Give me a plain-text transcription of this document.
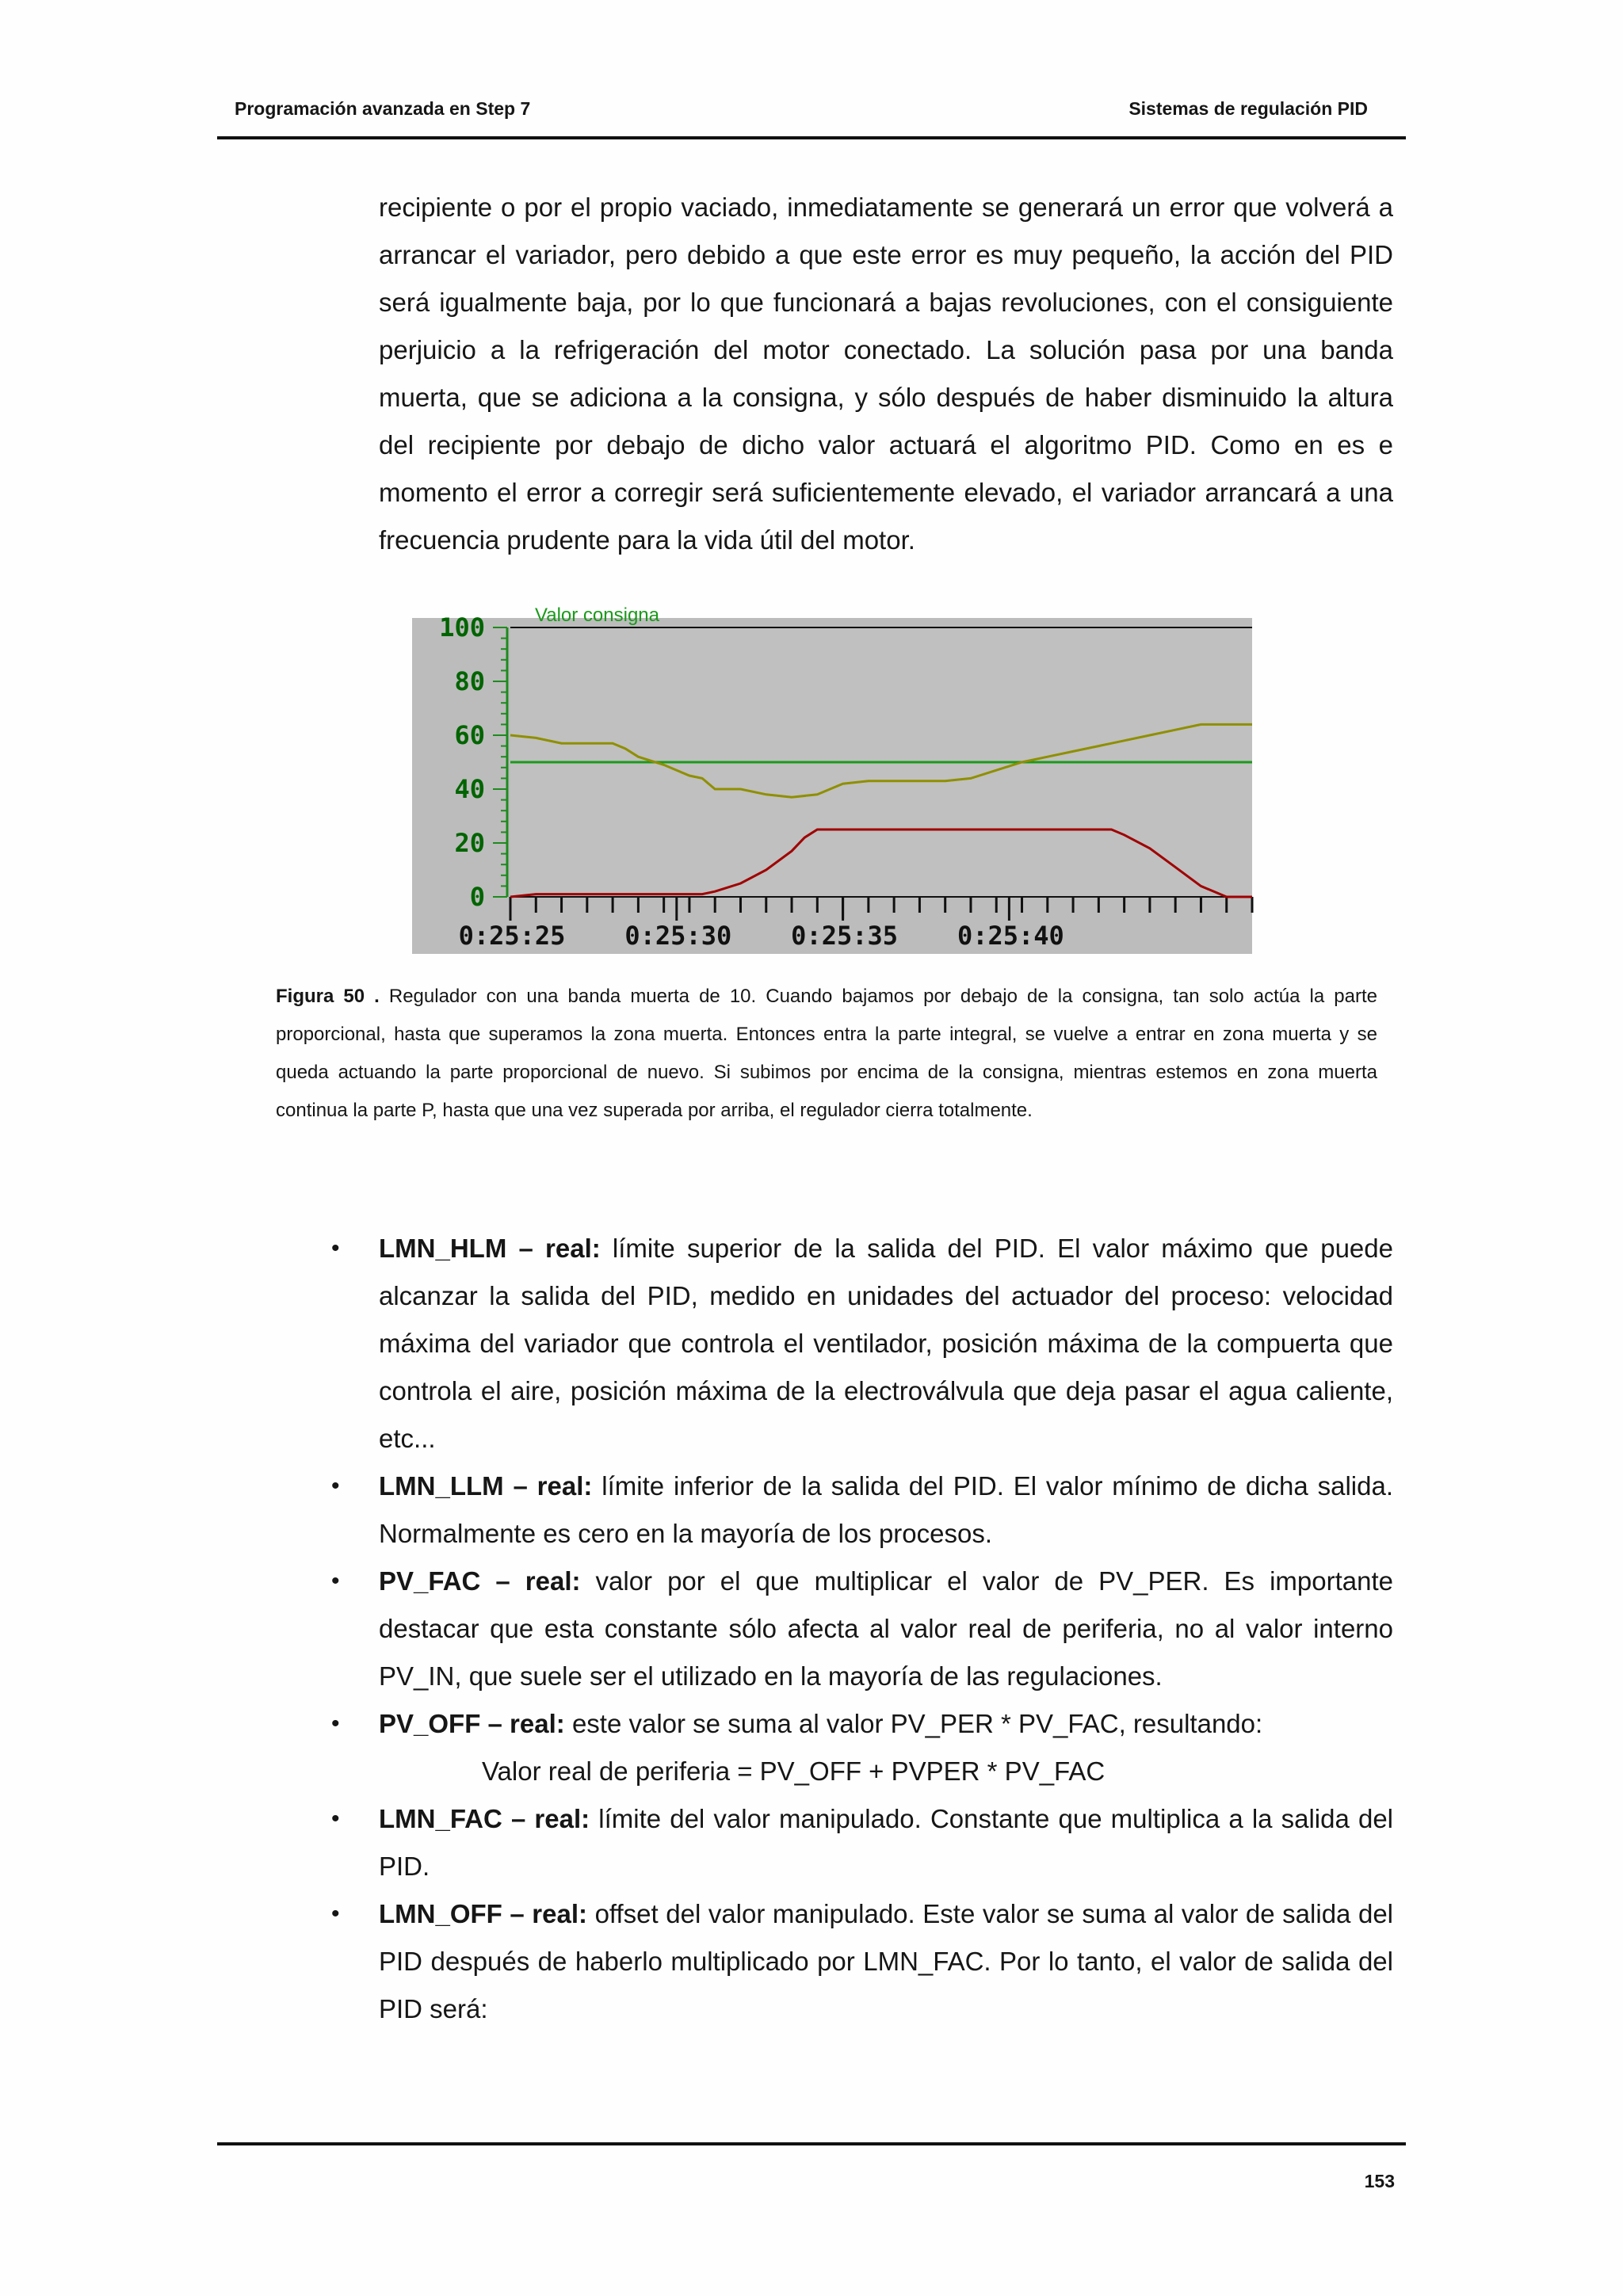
Programación avanzada en Step 7	Sistemas de regulación PID

recipiente o por el propio vaciado, inmediatamente se generará un error que volverá a arrancar el variador, pero debido a que este error es muy pequeño, la acción del PID será igualmente baja, por lo que funcionará a bajas revoluciones, con el consiguiente perjuicio a la refrigeración del motor conectado. La solución pasa por una banda muerta, que se adiciona a la consigna, y sólo después de haber disminuido la altura del recipiente por debajo de dicho valor actuará el algoritmo PID. Como en es e momento el error a corregir será suficientemente elevado, el variador arrancará a una frecuencia prudente para la vida útil del motor.

0
20
40
60
80
100
0:25:25 0:25:30 0:25:35 0:25:40
Valor consigna

Figura 50 . Regulador con una banda muerta de 10. Cuando bajamos por debajo de la consigna, tan solo actúa la parte proporcional, hasta que superamos la zona muerta. Entonces entra la parte integral, se vuelve a entrar en zona muerta y se queda actuando la parte proporcional de nuevo. Si subimos por encima de la consigna, mientras estemos en zona muerta continua la parte P, hasta que una vez superada por arriba, el regulador cierra totalmente.

• LMN_HLM – real: límite superior de la salida del PID. El valor máximo que puede alcanzar la salida del PID, medido en unidades del actuador del proceso: velocidad máxima del variador que controla el ventilador, posición máxima de la compuerta que controla el aire, posición máxima de la electroválvula que deja pasar el agua caliente, etc...
• LMN_LLM – real: límite inferior de la salida del PID. El valor mínimo de dicha salida. Normalmente es cero en la mayoría de los procesos.
• PV_FAC – real: valor por el que multiplicar el valor de PV_PER. Es importante destacar que esta constante sólo afecta al valor real de periferia, no al valor interno PV_IN, que suele ser el utilizado en la mayoría de las regulaciones.
• PV_OFF – real: este valor se suma al valor PV_PER * PV_FAC, resultando:
Valor real de periferia = PV_OFF + PVPER * PV_FAC
• LMN_FAC – real: límite del valor manipulado. Constante que multiplica a la salida del PID.
• LMN_OFF – real: offset del valor manipulado. Este valor se suma al valor de salida del PID después de haberlo multiplicado por LMN_FAC. Por lo tanto, el valor de salida del PID será:
153
